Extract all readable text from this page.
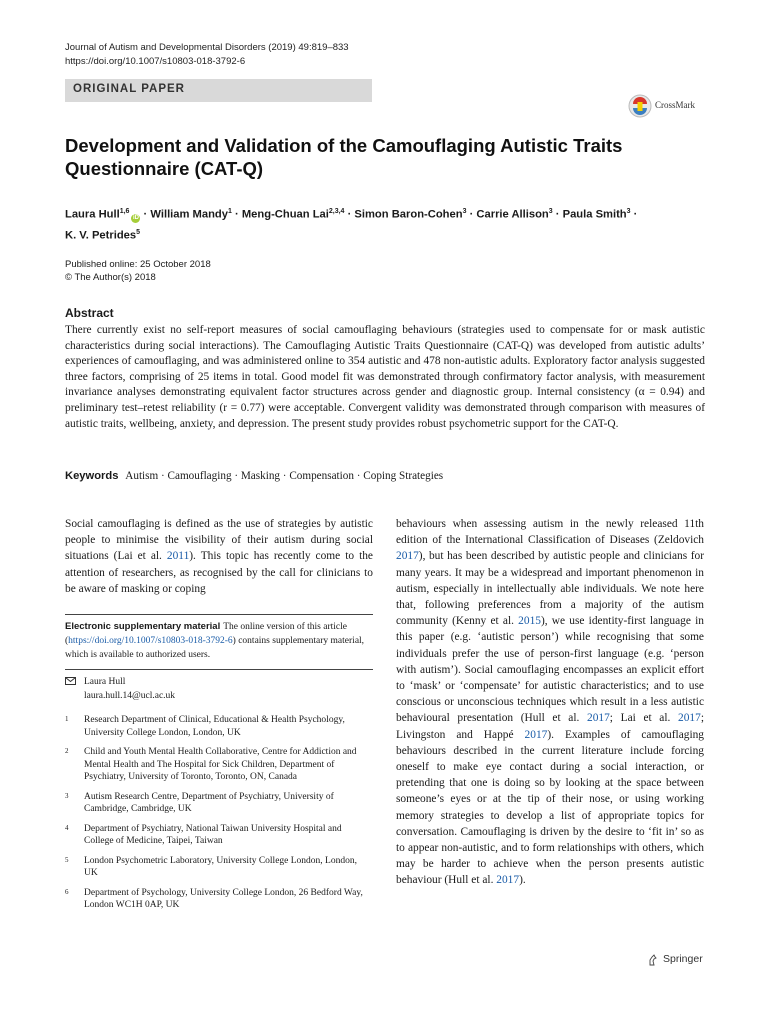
Journal of Autism and Developmental Disorders (2019) 49:819–833
https://doi.org/10.1007/s10803-018-3792-6
ORIGINAL PAPER
CrossMark
Development and Validation of the Camouflaging Autistic Traits Questionnaire (CAT-Q)
Laura Hull$^{1,6}$iD · William Mandy$^1$ · Meng-Chuan Lai$^{2,3,4}$ · Simon Baron-Cohen$^3$ · Carrie Allison$^3$ · Paula Smith$^3$ ·
K. V. Petrides$^5$
Published online: 25 October 2018
© The Author(s) 2018
Abstract

There currently exist no self-report measures of social camouflaging behaviours (strategies used to compensate for or mask autistic characteristics during social interactions). The Camouflaging Autistic Traits Questionnaire (CAT-Q) was developed from autistic adults’ experiences of camouflaging, and was administered online to 354 autistic and 478 non-autistic adults. Exploratory factor analysis suggested three factors, comprising of 25 items in total. Good model fit was demonstrated through confirmatory factor analysis, with measurement invariance analyses demonstrating equivalent factor structures across gender and diagnostic group. Internal consistency (α = 0.94) and preliminary test–retest reliability (r = 0.77) were acceptable. Convergent validity was demonstrated through comparison with measures of autistic traits, wellbeing, anxiety, and depression. The present study provides robust psychometric support for the CAT-Q.

Keywords Autism · Camouflaging · Masking · Compensation · Coping Strategies

Social camouflaging is defined as the use of strategies by autistic people to minimise the visibility of their autism during social situations (Lai et al. 2011). This topic has recently come to the attention of researchers, as recognised by the call for clinicians to be aware of masking or coping

Electronic supplementary material The online version of this article (https://doi.org/10.1007/s10803-018-3792-6) contains supplementary material, which is available to authorized users.
Laura Hull
laura.hull.14@ucl.ac.uk
1 Research Department of Clinical, Educational & Health Psychology, University College London, London, UK
2 Child and Youth Mental Health Collaborative, Centre for Addiction and Mental Health and The Hospital for Sick Children, Department of Psychiatry, University of Toronto, Toronto, ON, Canada
3 Autism Research Centre, Department of Psychiatry, University of Cambridge, Cambridge, UK
4 Department of Psychiatry, National Taiwan University Hospital and College of Medicine, Taipei, Taiwan
5 London Psychometric Laboratory, University College London, London, UK
6 Department of Psychology, University College London, 26 Bedford Way, London WC1H 0AP, UK

behaviours when assessing autism in the newly released 11th edition of the International Classification of Diseases (Zeldovich 2017), but has been described by autistic people and clinicians for many years. It may be a widespread and important phenomenon in autism, especially in intellectually able individuals. We note here that, following preferences from a majority of the autism community (Kenny et al. 2015), we use identity-first language in this paper (e.g. ‘autistic person’) while recognising that some individuals prefer the use of person-first language (e.g. ‘person with autism’). Social camouflaging encompasses an explicit effort to ‘mask’ or ‘compensate’ for autistic characteristics; and to use conscious or unconscious techniques which result in a less autistic behavioural presentation (Hull et al. 2017; Lai et al. 2017; Livingston and Happé 2017). Examples of camouflaging behaviours described in the current literature include forcing oneself to make eye contact during a social interaction, or pretending that one is doing so by looking at the space between someone’s eyes or at the tip of their nose, or using working memory strategies to develop a list of appropriate topics for conversation. Camouflaging is driven by the desire to ‘fit in’ so as to appear non-autistic, and to form relationships with others, which may be harder to achieve when the person presents autistic behaviour (Hull et al. 2017).

Springer
